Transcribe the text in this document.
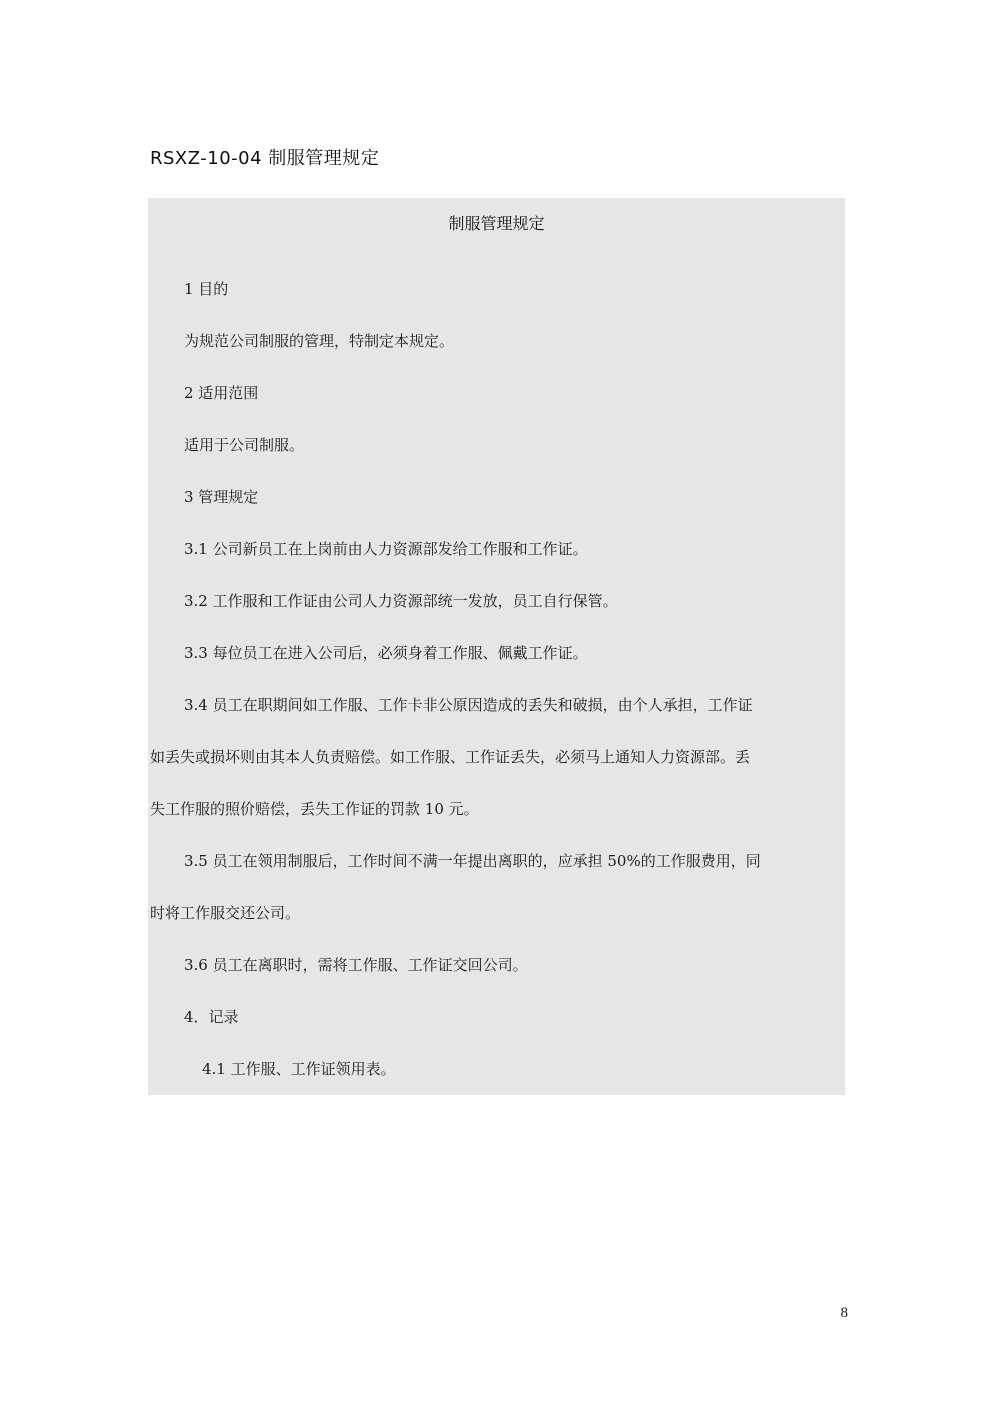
RSXZ-10-04 制服管理规定
制服管理规定
1 目的
为规范公司制服的管理，特制定本规定。
2 适用范围
适用于公司制服。
3 管理规定
3.1 公司新员工在上岗前由人力资源部发给工作服和工作证。
3.2 工作服和工作证由公司人力资源部统一发放，员工自行保管。
3.3 每位员工在进入公司后，必须身着工作服、佩戴工作证。
3.4 员工在职期间如工作服、工作卡非公原因造成的丢失和破损，由个人承担，工作证
如丢失或损坏则由其本人负责赔偿。如工作服、工作证丢失，必须马上通知人力资源部。丢
失工作服的照价赔偿，丢失工作证的罚款 10 元。
3.5 员工在领用制服后，工作时间不满一年提出离职的，应承担 50%的工作服费用，同
时将工作服交还公司。
3.6 员工在离职时，需将工作服、工作证交回公司。
4．记录
4.1 工作服、工作证领用表。
8
